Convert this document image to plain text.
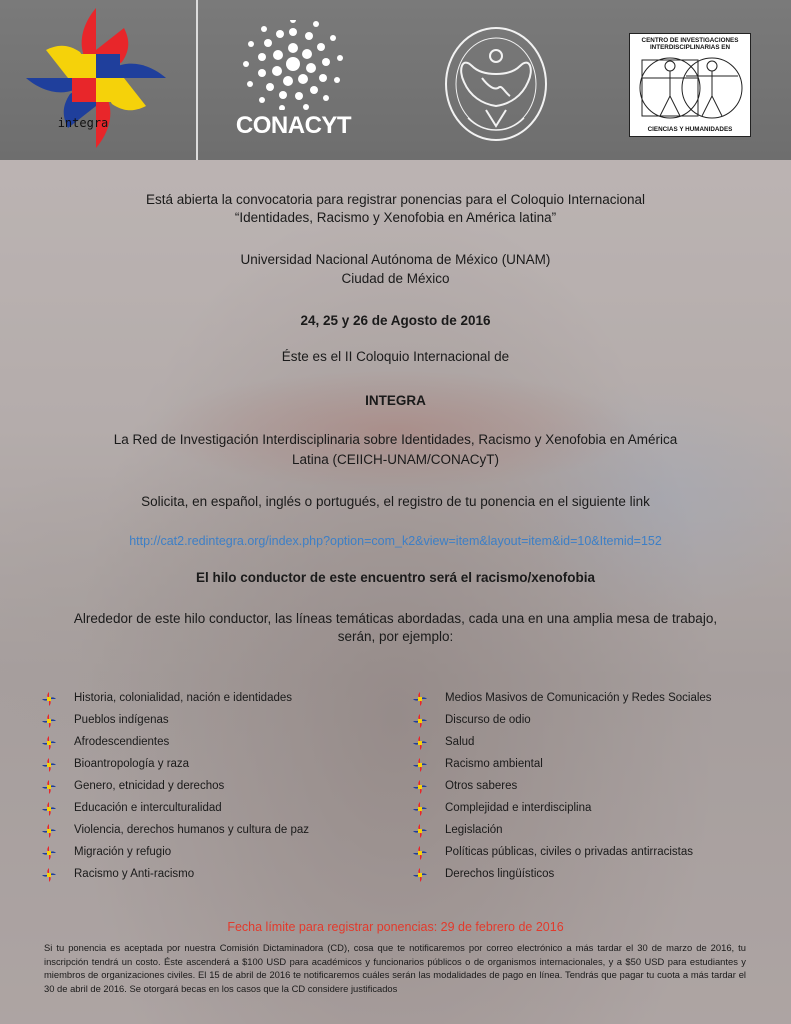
integra	CONACYT
CENTRO DE INVESTIGACIONES INTERDISCIPLINARIAS EN
CIENCIAS Y HUMANIDADES
Está abierta la convocatoria para registrar ponencias para el Coloquio Internacional
“Identidades, Racismo y Xenofobia en América latina”
Universidad Nacional Autónoma de México (UNAM)
Ciudad de México
24, 25 y 26 de Agosto de 2016
Éste es el II Coloquio Internacional de
INTEGRA
La Red de Investigación Interdisciplinaria sobre Identidades, Racismo y Xenofobia en América
Latina (CEIICH-UNAM/CONACyT)
Solicita, en español, inglés o portugués, el registro de tu ponencia en el siguiente link
http://cat2.redintegra.org/index.php?option=com_k2&view=item&layout=item&id=10&Itemid=152
El hilo conductor de este encuentro será el racismo/xenofobia
Alrededor de este hilo conductor, las líneas temáticas abordadas, cada una en una amplia mesa de trabajo,
serán, por ejemplo:
Historia, colonialidad, nación e identidades
Pueblos indígenas
Afrodescendientes
Bioantropología y raza
Genero, etnicidad y derechos
Educación e interculturalidad
Violencia, derechos humanos y cultura de paz
Migración y refugio
Racismo y Anti-racismo
Medios Masivos de Comunicación y Redes Sociales
Discurso de odio
Salud
Racismo ambiental
Otros saberes
Complejidad e interdisciplina
Legislación
Políticas públicas, civiles o privadas antirracistas
Derechos lingüísticos
Fecha límite para registrar ponencias: 29 de febrero de 2016
Si tu ponencia es aceptada por nuestra Comisión Dictaminadora (CD), cosa que te notificaremos por correo electrónico a más tardar el 30 de marzo de 2016, tu inscripción tendrá un costo. Éste ascenderá a $100 USD para académicos y funcionarios públicos o de organismos internacionales, y a $50 USD para estudiantes y miembros de organizaciones civiles. El 15 de abril de 2016 te notificaremos cuáles serán las modalidades de pago en línea. Tendrás que pagar tu cuota a más tardar el 30 de abril de 2016. Se otorgará becas en los casos que la CD considere justificados
